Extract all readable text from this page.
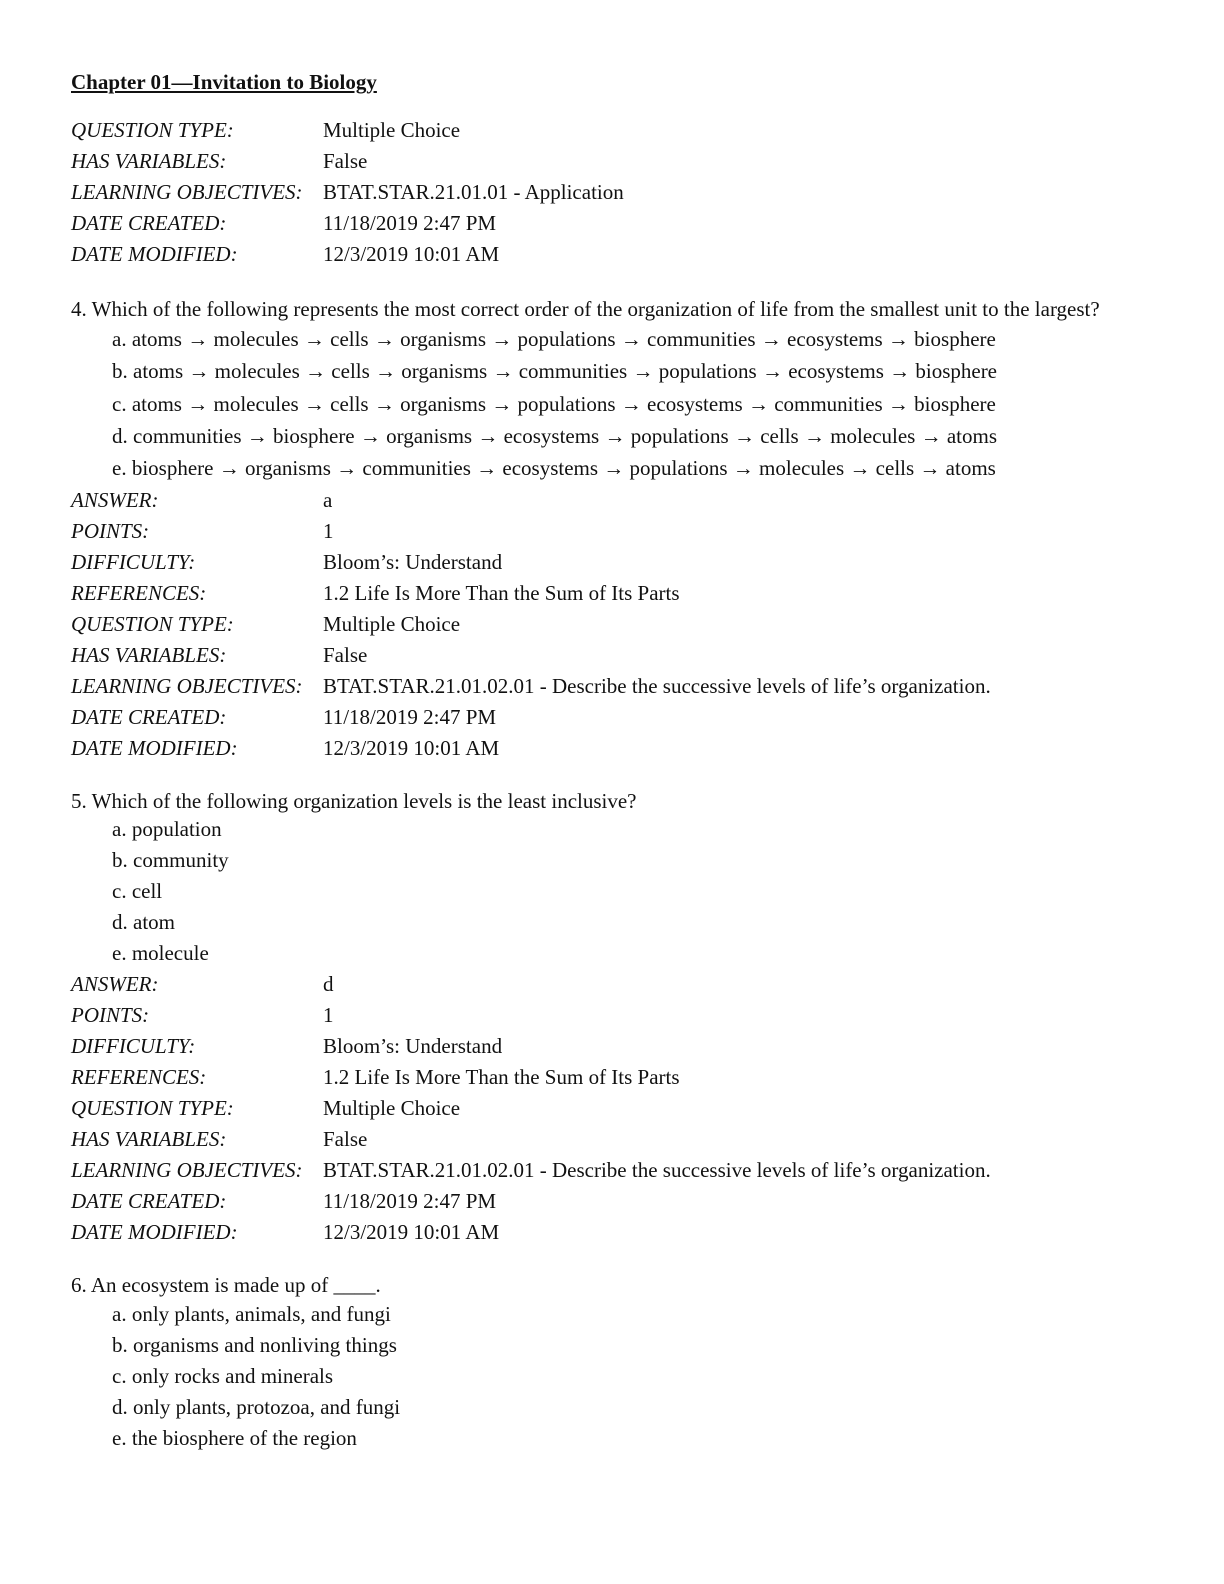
Chapter 01—Invitation to Biology
QUESTION TYPE:	Multiple Choice
HAS VARIABLES:	False
LEARNING OBJECTIVES: BTAT.STAR.21.01.01 - Application
DATE CREATED:	11/18/2019 2:47 PM
DATE MODIFIED:	12/3/2019 10:01 AM
4. Which of the following represents the most correct order of the organization of life from the smallest unit to the largest?
a. atoms → molecules → cells → organisms → populations → communities → ecosystems → biosphere
b. atoms → molecules → cells → organisms → communities → populations → ecosystems → biosphere
c. atoms → molecules → cells → organisms → populations → ecosystems → communities → biosphere
d. communities → biosphere → organisms → ecosystems → populations → cells → molecules → atoms
e. biosphere → organisms → communities → ecosystems → populations → molecules → cells → atoms
ANSWER:	a
POINTS:	1
DIFFICULTY:	Bloom’s: Understand
REFERENCES:	1.2 Life Is More Than the Sum of Its Parts
QUESTION TYPE:	Multiple Choice
HAS VARIABLES:	False
LEARNING OBJECTIVES: BTAT.STAR.21.01.02.01 - Describe the successive levels of life’s organization.
DATE CREATED:	11/18/2019 2:47 PM
DATE MODIFIED:	12/3/2019 10:01 AM
5. Which of the following organization levels is the least inclusive?
a. population
b. community
c. cell
d. atom
e. molecule
ANSWER:	d
POINTS:	1
DIFFICULTY:	Bloom’s: Understand
REFERENCES:	1.2 Life Is More Than the Sum of Its Parts
QUESTION TYPE:	Multiple Choice
HAS VARIABLES:	False
LEARNING OBJECTIVES: BTAT.STAR.21.01.02.01 - Describe the successive levels of life’s organization.
DATE CREATED:	11/18/2019 2:47 PM
DATE MODIFIED:	12/3/2019 10:01 AM
6. An ecosystem is made up of ____.
a. only plants, animals, and fungi
b. organisms and nonliving things
c. only rocks and minerals
d. only plants, protozoa, and fungi
e. the biosphere of the region
